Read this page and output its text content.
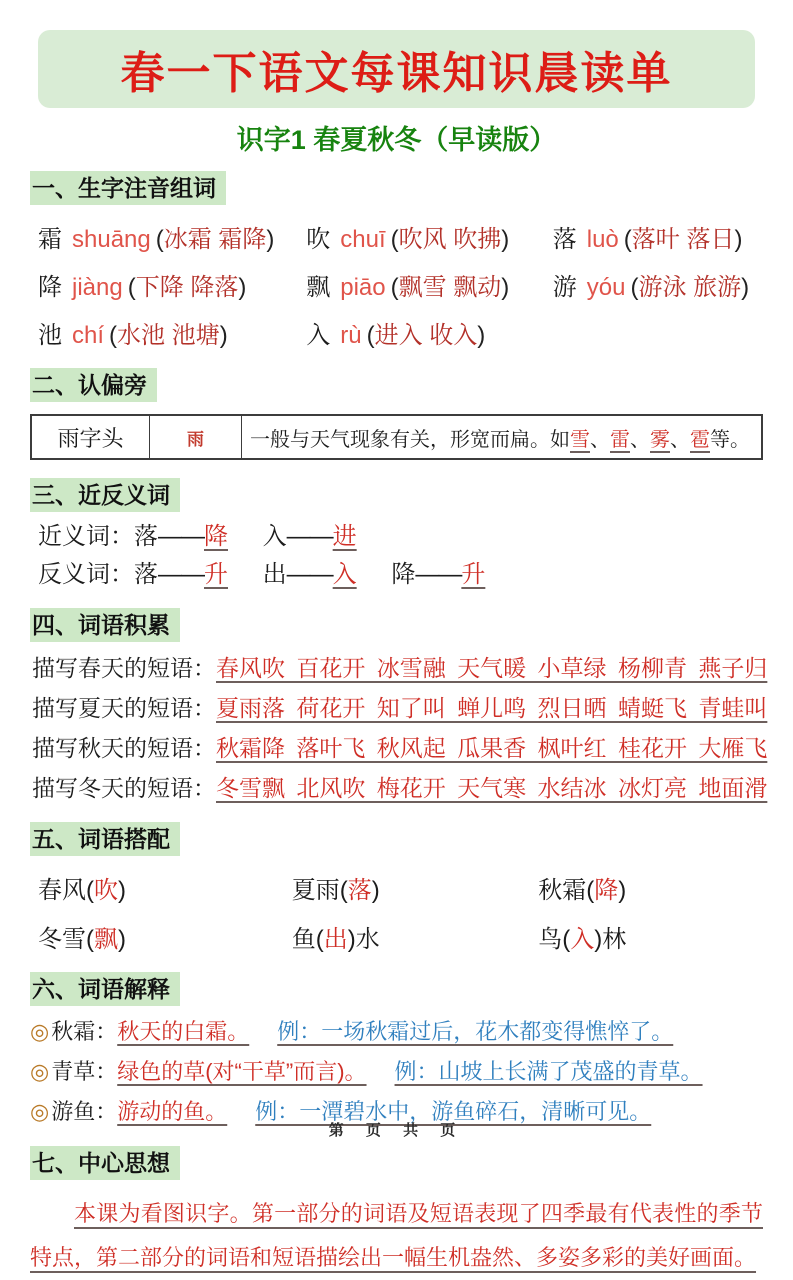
春一下语文每课知识晨读单
识字1 春夏秋冬（早读版）
一、生字注音组词
霜 shuāng (冰霜 霜降)	吹 chuī (吹风 吹拂)	落 luò (落叶 落日)
降 jiàng (下降 降落)	飘 piāo (飘雪 飘动)	游 yóu (游泳 旅游)
池 chí (水池 池塘)	入 rù (进入 收入)
二、认偏旁
雨字头	雨 一般与天气现象有关，形宽而扁。如 雪 、 雷 、 雾 、 雹 等。
三、近反义词
近义词：落——降 入——进
反义词：落——升 出——入 降——升
四、词语积累
描写春天的短语：春风吹 百花开 冰雪融 天气暖 小草绿 杨柳青 燕子归
描写夏天的短语：夏雨落 荷花开 知了叫 蝉儿鸣 烈日晒 蜻蜓飞 青蛙叫
描写秋天的短语：秋霜降 落叶飞 秋风起 瓜果香 枫叶红 桂花开 大雁飞
描写冬天的短语：冬雪飘 北风吹 梅花开 天气寒 水结冰 冰灯亮 地面滑
五、词语搭配
春风(吹)	夏雨(落)	秋霜(降)
冬雪(飘)	鱼(出)水	鸟(入)林
六、词语解释
◎秋霜：秋天的白霜。 例：一场秋霜过后，花木都变得憔悴了。
◎青草：绿色的草(对“干草”而言)。 例：山坡上长满了茂盛的青草。
◎游鱼：游动的鱼。 例：一潭碧水中，游鱼碎石，清晰可见。
七、中心思想
本课为看图识字。第一部分的词语及短语表现了四季最有代表性的季节特点，第二部分的词语和短语描绘出一幅生机盎然、多姿多彩的美好画面。
第 页 共 页
